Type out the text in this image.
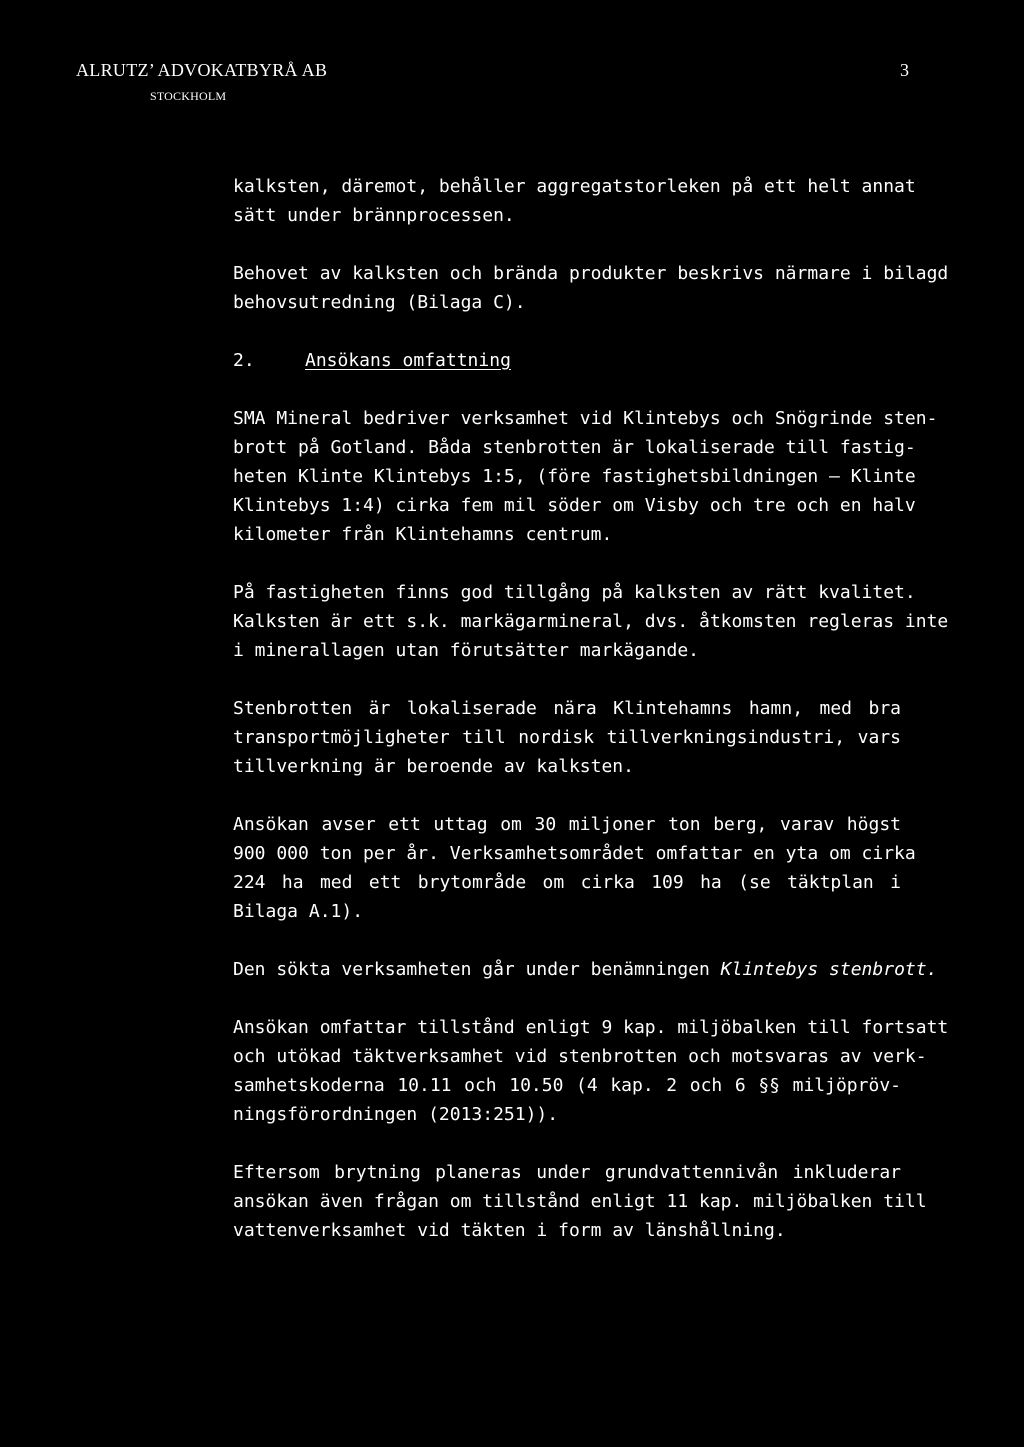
ALRUTZ’ ADVOKATBYRÅ AB
STOCKHOLM
3
kalksten, däremot, behåller aggregatstorleken på ett helt annat
sätt under brännprocessen.
Behovet av kalksten och brända produkter beskrivs närmare i bilagd
behovsutredning (Bilaga C).
2.	Ansökans omfattning
SMA Mineral bedriver verksamhet vid Klintebys och Snögrinde sten-
brott på Gotland. Båda stenbrotten är lokaliserade till fastig-
heten Klinte Klintebys 1:5, (före fastighetsbildningen – Klinte
Klintebys 1:4) cirka fem mil söder om Visby och tre och en halv
kilometer från Klintehamns centrum.
På fastigheten finns god tillgång på kalksten av rätt kvalitet.
Kalksten är ett s.k. markägarmineral, dvs. åtkomsten regleras inte
i minerallagen utan förutsätter markägande.
Stenbrotten är lokaliserade nära Klintehamns hamn, med bra
transportmöjligheter till nordisk tillverkningsindustri, vars
tillverkning är beroende av kalksten.
Ansökan avser ett uttag om 30 miljoner ton berg, varav högst
900 000 ton per år. Verksamhetsområdet omfattar en yta om cirka
224 ha med ett brytområde om cirka 109 ha (se täktplan i
Bilaga A.1).
Den sökta verksamheten går under benämningen Klintebys stenbrott.
Ansökan omfattar tillstånd enligt 9 kap. miljöbalken till fortsatt
och utökad täktverksamhet vid stenbrotten och motsvaras av verk-
samhetskoderna 10.11 och 10.50 (4 kap. 2 och 6 §§ miljöpröv-
ningsförordningen (2013:251)).
Eftersom brytning planeras under grundvattennivån inkluderar
ansökan även frågan om tillstånd enligt 11 kap. miljöbalken till
vattenverksamhet vid täkten i form av länshållning.
